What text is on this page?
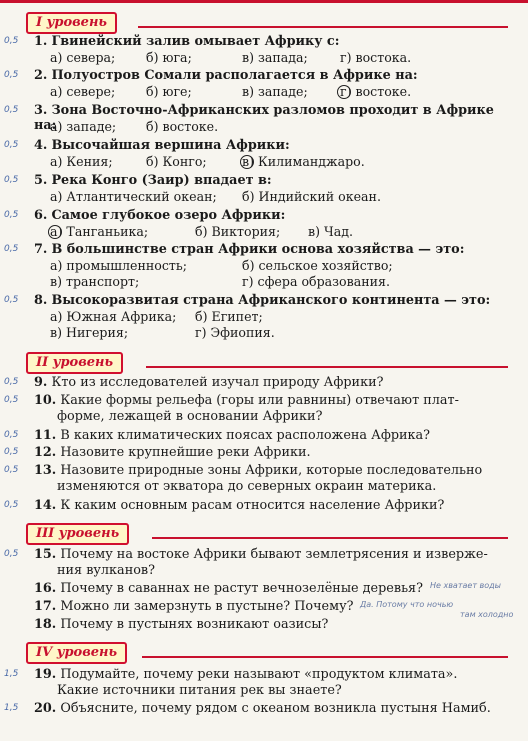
I уровень
0,5 1. Гвинейский залив омывает Африку с:
а) севера; б) юга;	в) запада;	г) востока.
0,5 2. Полуостров Сомали располагается в Африке на:
а) севере; б) юге;	в) западе;	г) востоке.
0,5 3. Зона Восточно-Африканских разломов проходит в Африке на:
а) западе; б) востоке.
0,5 4. Высочайшая вершина Африки:
а) Кения;	б) Конго;	в) Килиманджаро.
0,5 5. Река Конго (Заир) впадает в:
а) Атлантический океан; б) Индийский океан.
0,5 6. Самое глубокое озеро Африки:
а) Танганьика;	б) Виктория; в) Чад.
0,5 7. В большинстве стран Африки основа хозяйства — это:
а) промышленность;	б) сельское хозяйство;
в) транспорт;	г) сфера образования.
0,5 8. Высокоразвитая страна Африканского континента — это:
а) Южная Африка; б) Египет;
в) Нигерия;	г) Эфиопия.
II уровень
0,5 9. Кто из исследователей изучал природу Африки?
0,5 10. Какие формы рельефа (горы или равнины) отвечают плат-
форме, лежащей в основании Африки?
0,5 11. В каких климатических поясах расположена Африка?
0,5 12. Назовите крупнейшие реки Африки.
0,5 13. Назовите природные зоны Африки, которые последовательно
изменяются от экватора до северных окраин материка.
0,5 14. К каким основным расам относится население Африки?
III уровень
0,5 15. Почему на востоке Африки бывают землетрясения и изверже-
ния вулканов?
16. Почему в саваннах не растут вечнозелёные деревья? Не хватает воды
17. Можно ли замерзнуть в пустыне? Почему? Да. Потому что ночью
там холодно
18. Почему в пустынях возникают оазисы?
IV уровень
1,5 19. Подумайте, почему реки называют «продуктом климата».
Какие источники питания рек вы знаете?
1,5 20. Объясните, почему рядом с океаном возникла пустыня Намиб.
